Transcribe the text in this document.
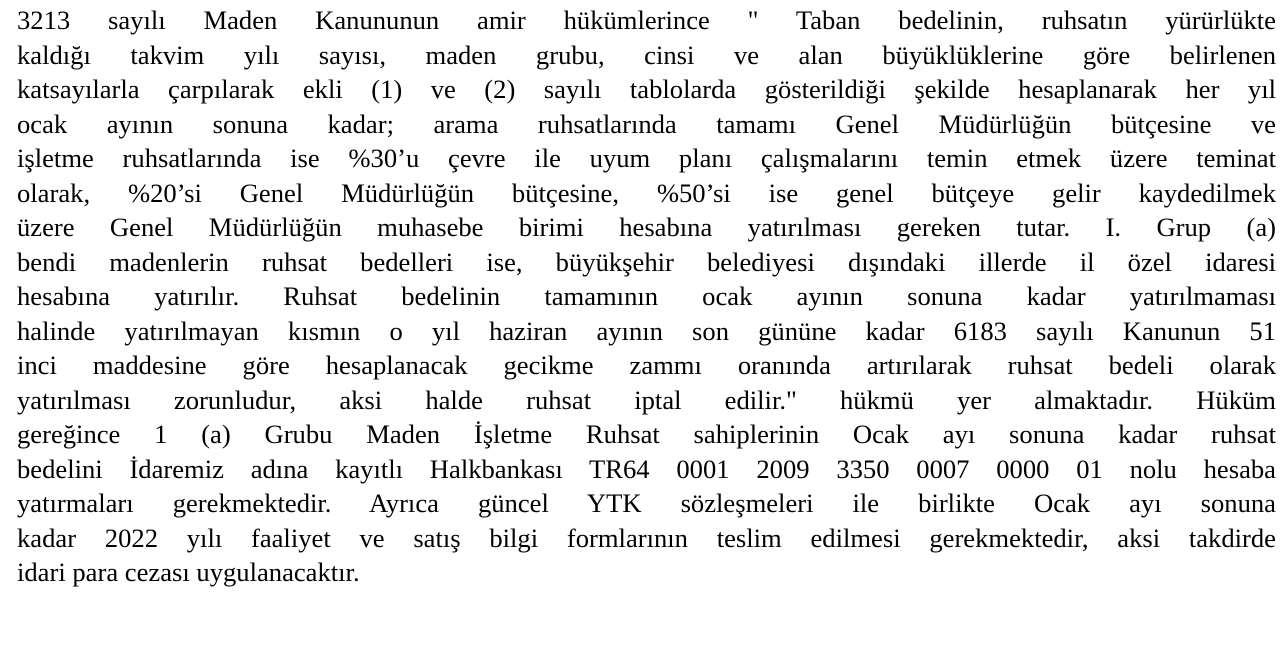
3213 sayılı Maden Kanununun amir hükümlerince " Taban bedelinin, ruhsatın yürürlükte
kaldığı takvim yılı sayısı, maden grubu, cinsi ve alan büyüklüklerine göre belirlenen
katsayılarla çarpılarak ekli (1) ve (2) sayılı tablolarda gösterildiği şekilde hesaplanarak her yıl
ocak ayının sonuna kadar; arama ruhsatlarında tamamı Genel Müdürlüğün bütçesine ve
işletme ruhsatlarında ise %30’u çevre ile uyum planı çalışmalarını temin etmek üzere teminat
olarak, %20’si Genel Müdürlüğün bütçesine, %50’si ise genel bütçeye gelir kaydedilmek
üzere Genel Müdürlüğün muhasebe birimi hesabına yatırılması gereken tutar. I. Grup (a)
bendi madenlerin ruhsat bedelleri ise, büyükşehir belediyesi dışındaki illerde il özel idaresi
hesabına yatırılır. Ruhsat bedelinin tamamının ocak ayının sonuna kadar yatırılmaması
halinde yatırılmayan kısmın o yıl haziran ayının son gününe kadar 6183 sayılı Kanunun 51
inci maddesine göre hesaplanacak gecikme zammı oranında artırılarak ruhsat bedeli olarak
yatırılması zorunludur, aksi halde ruhsat iptal edilir." hükmü yer almaktadır. Hüküm
gereğince 1 (a) Grubu Maden İşletme Ruhsat sahiplerinin Ocak ayı sonuna kadar ruhsat
bedelini İdaremiz adına kayıtlı Halkbankası TR64 0001 2009 3350 0007 0000 01 nolu hesaba
yatırmaları gerekmektedir. Ayrıca güncel YTK sözleşmeleri ile birlikte Ocak ayı sonuna
kadar 2022 yılı faaliyet ve satış bilgi formlarının teslim edilmesi gerekmektedir, aksi takdirde
idari para cezası uygulanacaktır.
